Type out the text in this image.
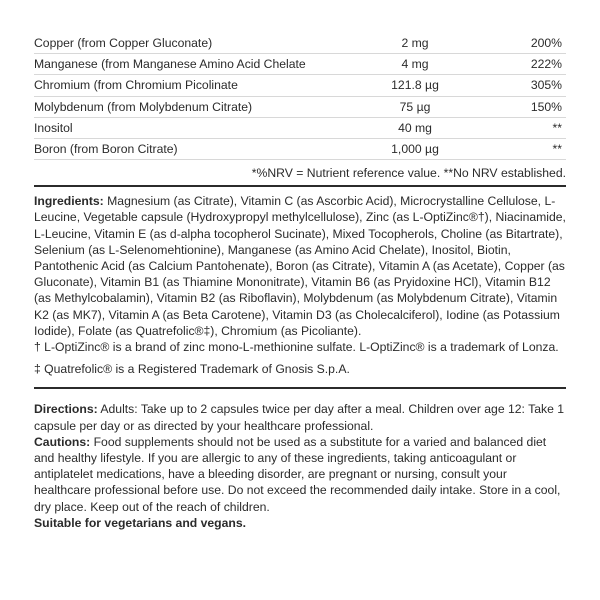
Copper (from Copper Gluconate)	2 mg	200%
Manganese (from Manganese Amino Acid Chelate	4 mg	222%
Chromium (from Chromium Picolinate	121.8 µg	305%
Molybdenum (from Molybdenum Citrate)	75 µg	150%
Inositol	40 mg	**
Boron (from Boron Citrate)	1,000 µg	**
*%NRV = Nutrient reference value. **No NRV established.

Ingredients: Magnesium (as Citrate), Vitamin C (as Ascorbic Acid), Microcrystalline Cellulose, L-Leucine, Vegetable capsule (Hydroxypropyl methylcellulose), Zinc (as L-OptiZinc®†), Niacinamide, L-Leucine, Vitamin E (as d-alpha tocopherol Sucinate), Mixed Tocopherols, Choline (as Bitartrate), Selenium (as L-Selenomehtionine), Manganese (as Amino Acid Chelate), Inositol, Biotin, Pantothenic Acid (as Calcium Pantohenate), Boron (as Citrate), Vitamin A (as Acetate), Copper (as Gluconate), Vitamin B1 (as Thiamine Mononitrate), Vitamin B6 (as Pryidoxine HCl), Vitamin B12 (as Methylcobalamin), Vitamin B2 (as Riboflavin), Molybdenum (as Molybdenum Citrate), Vitamin K2 (as MK7), Vitamin A (as Beta Carotene), Vitamin D3 (as Cholecalciferol), Iodine (as Potassium Iodide), Folate (as Quatrefolic®‡), Chromium (as Picoliante).

† L-OptiZinc® is a brand of zinc mono-L-methionine sulfate. L-OptiZinc® is a trademark of Lonza.

‡ Quatrefolic® is a Registered Trademark of Gnosis S.p.A.

Directions: Adults: Take up to 2 capsules twice per day after a meal. Children over age 12: Take 1 capsule per day or as directed by your healthcare professional.

Cautions: Food supplements should not be used as a substitute for a varied and balanced diet and healthy lifestyle. If you are allergic to any of these ingredients, taking anticoagulant or antiplatelet medications, have a bleeding disorder, are pregnant or nursing, consult your healthcare professional before use. Do not exceed the recommended daily intake. Store in a cool, dry place. Keep out of the reach of children.

Suitable for vegetarians and vegans.
